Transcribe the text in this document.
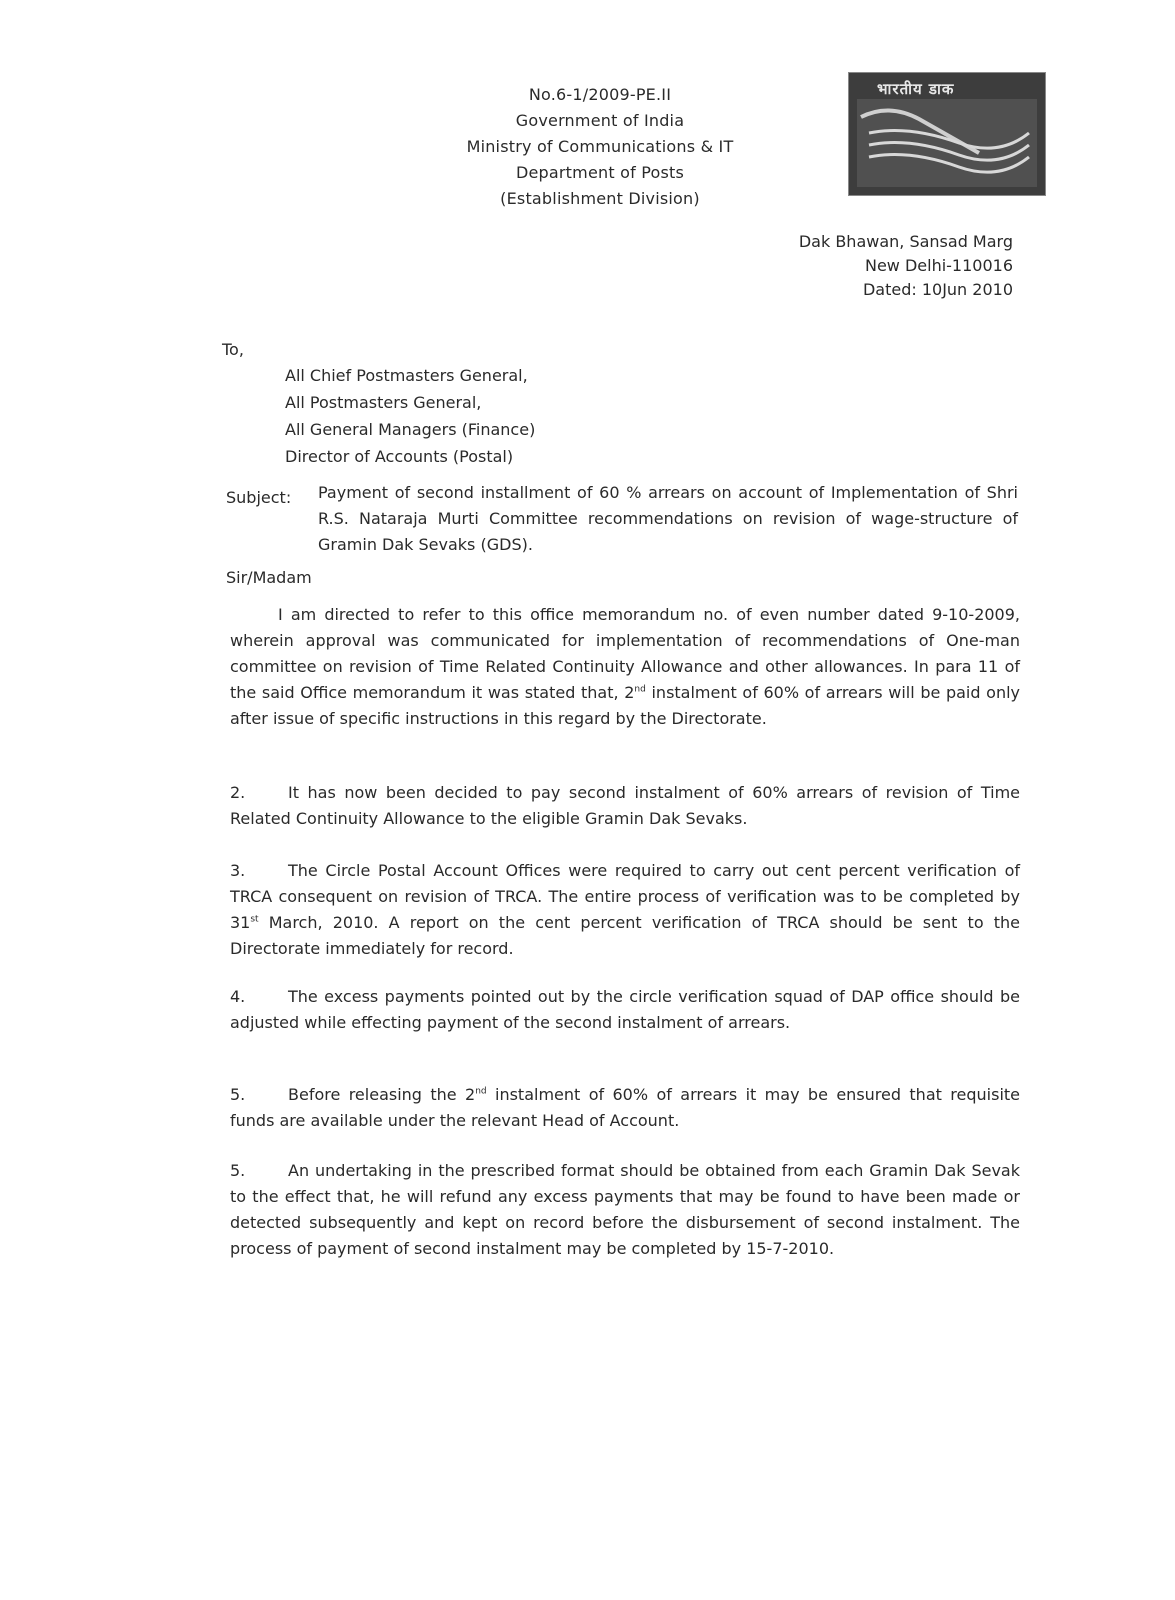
No.6-1/2009-PE.II
Government of India
Ministry of Communications & IT
Department of Posts
(Establishment Division)
भारतीय डाक
Dak Bhawan, Sansad Marg
New Delhi-110016
Dated: 10Jun 2010
To,
All Chief Postmasters General,
All Postmasters General,
All General Managers (Finance)
Director of Accounts (Postal)
Subject: Payment of second installment of 60 % arrears on account of Implementation of Shri R.S. Nataraja Murti Committee recommendations on revision of wage-structure of Gramin Dak Sevaks (GDS).
Sir/Madam
I am directed to refer to this office memorandum no. of even number dated 9-10-2009, wherein approval was communicated for implementation of recommendations of One-man committee on revision of Time Related Continuity Allowance and other allowances. In para 11 of the said Office memorandum it was stated that, 2nd instalment of 60% of arrears will be paid only after issue of specific instructions in this regard by the Directorate.
2.	It has now been decided to pay second instalment of 60% arrears of revision of Time Related Continuity Allowance to the eligible Gramin Dak Sevaks.
3.	The Circle Postal Account Offices were required to carry out cent percent verification of TRCA consequent on revision of TRCA. The entire process of verification was to be completed by 31st March, 2010. A report on the cent percent verification of TRCA should be sent to the Directorate immediately for record.
4.	The excess payments pointed out by the circle verification squad of DAP office should be adjusted while effecting payment of the second instalment of arrears.
5.	Before releasing the 2nd instalment of 60% of arrears it may be ensured that requisite funds are available under the relevant Head of Account.
5.	An undertaking in the prescribed format should be obtained from each Gramin Dak Sevak to the effect that, he will refund any excess payments that may be found to have been made or detected subsequently and kept on record before the disbursement of second instalment. The process of payment of second instalment may be completed by 15-7-2010.
